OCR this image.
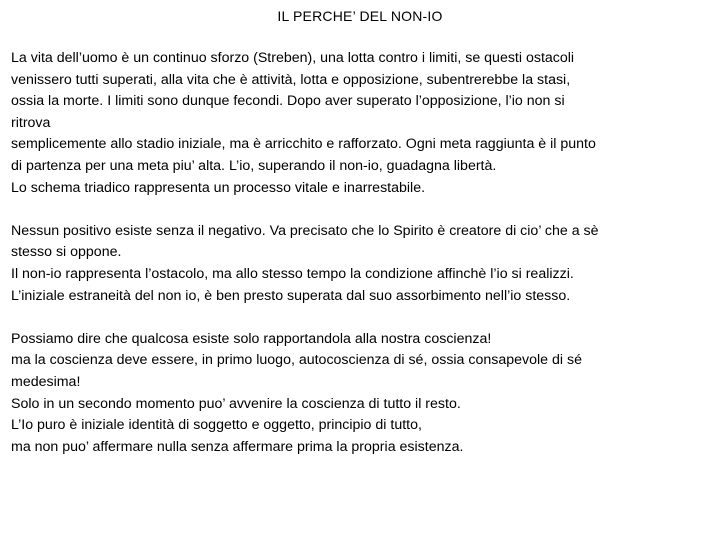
IL PERCHE’ DEL NON-IO

La vita dell’uomo è un continuo sforzo (Streben), una lotta contro i limiti, se questi ostacoli
venissero tutti superati, alla vita che è attività, lotta e opposizione, subentrerebbe la stasi,
ossia la morte. I limiti sono dunque fecondi. Dopo aver superato l’opposizione, l’io non si
ritrova
semplicemente allo stadio iniziale, ma è arricchito e rafforzato. Ogni meta raggiunta è il punto
di partenza per una meta piu’ alta. L’io, superando il non-io, guadagna libertà.
Lo schema triadico rappresenta un processo vitale e inarrestabile.

Nessun positivo esiste senza il negativo. Va precisato che lo Spirito è creatore di cio’ che a sè
stesso si oppone.
Il non-io rappresenta l’ostacolo, ma allo stesso tempo la condizione affinchè l’io si realizzi.
L’iniziale estraneità del non io, è ben presto superata dal suo assorbimento nell’io stesso.

Possiamo dire che qualcosa esiste solo rapportandola alla nostra coscienza!
ma la coscienza deve essere, in primo luogo, autocoscienza di sé, ossia consapevole di sé
medesima!
Solo in un secondo momento puo’ avvenire la coscienza di tutto il resto.
L’Io puro è iniziale identità di soggetto e oggetto, principio di tutto,
ma non puo’ affermare nulla senza affermare prima la propria esistenza.
